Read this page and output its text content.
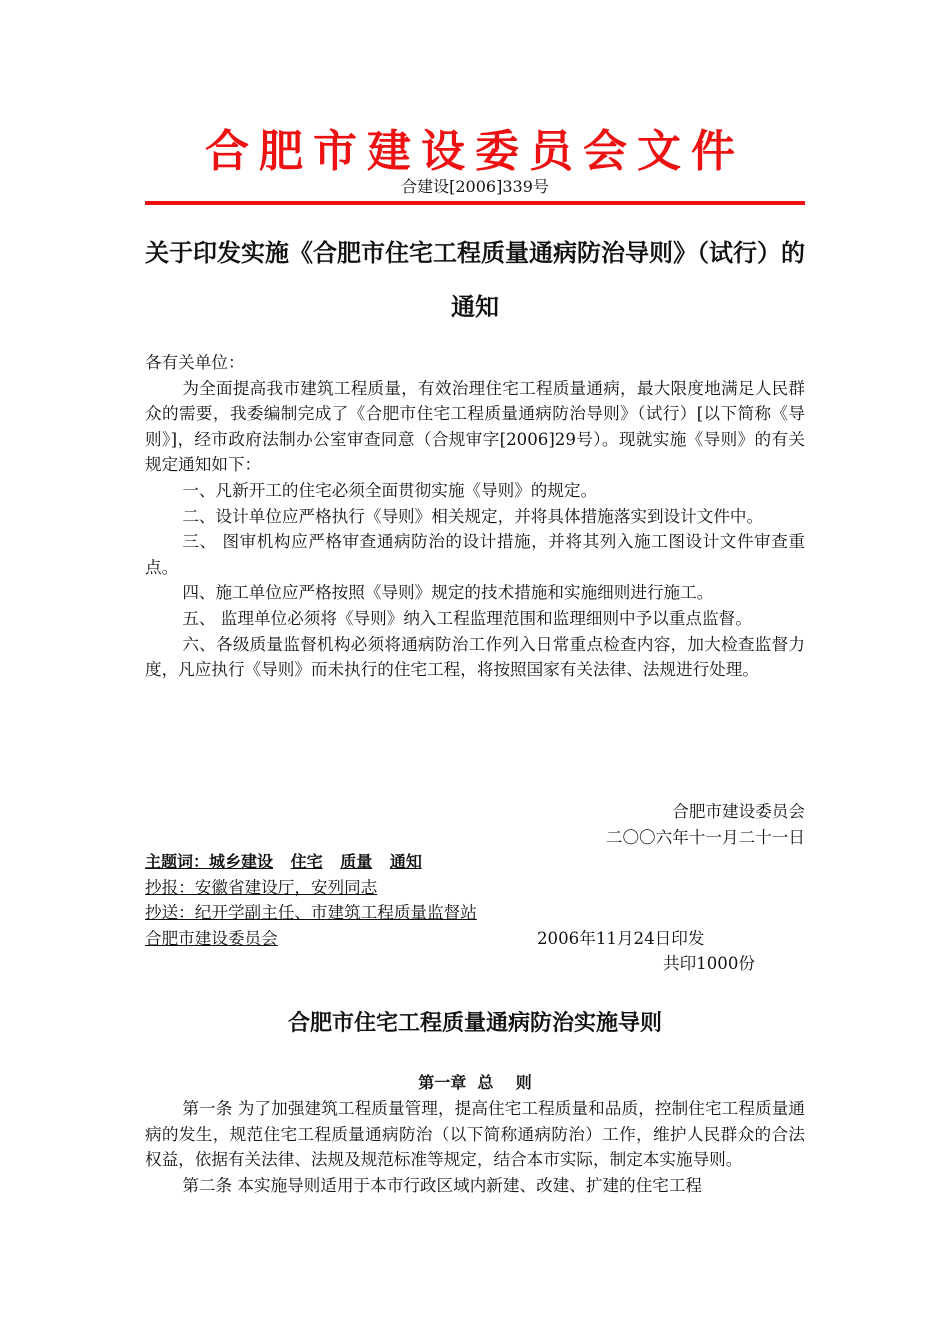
合肥市建设委员会文件
合建设[2006]339号
关于印发实施《合肥市住宅工程质量通病防治导则》（试行）的通知

各有关单位：

为全面提高我市建筑工程质量，有效治理住宅工程质量通病，最大限度地满足人民群众的需要，我委编制完成了《合肥市住宅工程质量通病防治导则》（试行）[以下简称《导则》]，经市政府法制办公室审查同意（合规审字[2006]29号）。现就实施《导则》的有关规定通知如下：

一、凡新开工的住宅必须全面贯彻实施《导则》的规定。

二、设计单位应严格执行《导则》相关规定，并将具体措施落实到设计文件中。

三、 图审机构应严格审查通病防治的设计措施，并将其列入施工图设计文件审查重点。

四、施工单位应严格按照《导则》规定的技术措施和实施细则进行施工。

五、 监理单位必须将《导则》纳入工程监理范围和监理细则中予以重点监督。

六、各级质量监督机构必须将通病防治工作列入日常重点检查内容，加大检查监督力度，凡应执行《导则》而未执行的住宅工程，将按照国家有关法律、法规进行处理。

合肥市建设委员会
二〇〇六年十一月二十一日
主题词：城乡建设 住宅 质量 通知
抄报：安徽省建设厅，安列同志
抄送：纪开学副主任、市建筑工程质量监督站
合肥市建设委员会	2006年11月24日印发
共印1000份
合肥市住宅工程质量通病防治实施导则
第一章  总    则

第一条 为了加强建筑工程质量管理，提高住宅工程质量和品质，控制住宅工程质量通病的发生，规范住宅工程质量通病防治（以下简称通病防治）工作，维护人民群众的合法权益，依据有关法律、法规及规范标准等规定，结合本市实际，制定本实施导则。

第二条 本实施导则适用于本市行政区域内新建、改建、扩建的住宅工程
